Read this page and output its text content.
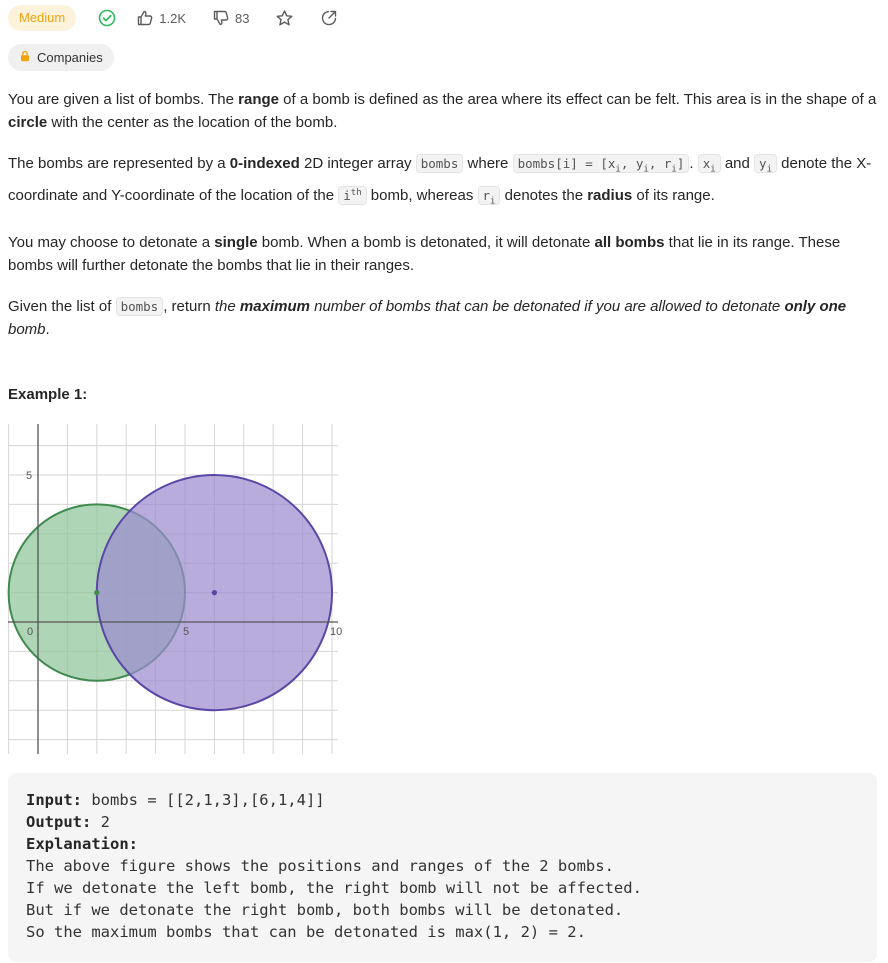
Medium	1.2K	83
Companies

You are given a list of bombs. The range of a bomb is defined as the area where its effect can be felt. This area is in the shape of a circle with the center as the location of the bomb.

The bombs are represented by a 0-indexed 2D integer array bombs where bombs[i] = [$x_i$, $y_i$, $r_i$] . $x_i$ and $y_i$ denote the X-coordinate and Y-coordinate of the location of the $i^{th}$ bomb, whereas $r_i$ denotes the radius of its range.

You may choose to detonate a single bomb. When a bomb is detonated, it will detonate all bombs that lie in its range. These bombs will further detonate the bombs that lie in their ranges.

Given the list of bombs , return the maximum number of bombs that can be detonated if you are allowed to detonate only one bomb.

Example 1:
0	5	10
5
Input: bombs = [[2,1,3],[6,1,4]]
Output: 2
Explanation:
The above figure shows the positions and ranges of the 2 bombs.
If we detonate the left bomb, the right bomb will not be affected.
But if we detonate the right bomb, both bombs will be detonated.
So the maximum bombs that can be detonated is max(1, 2) = 2.
